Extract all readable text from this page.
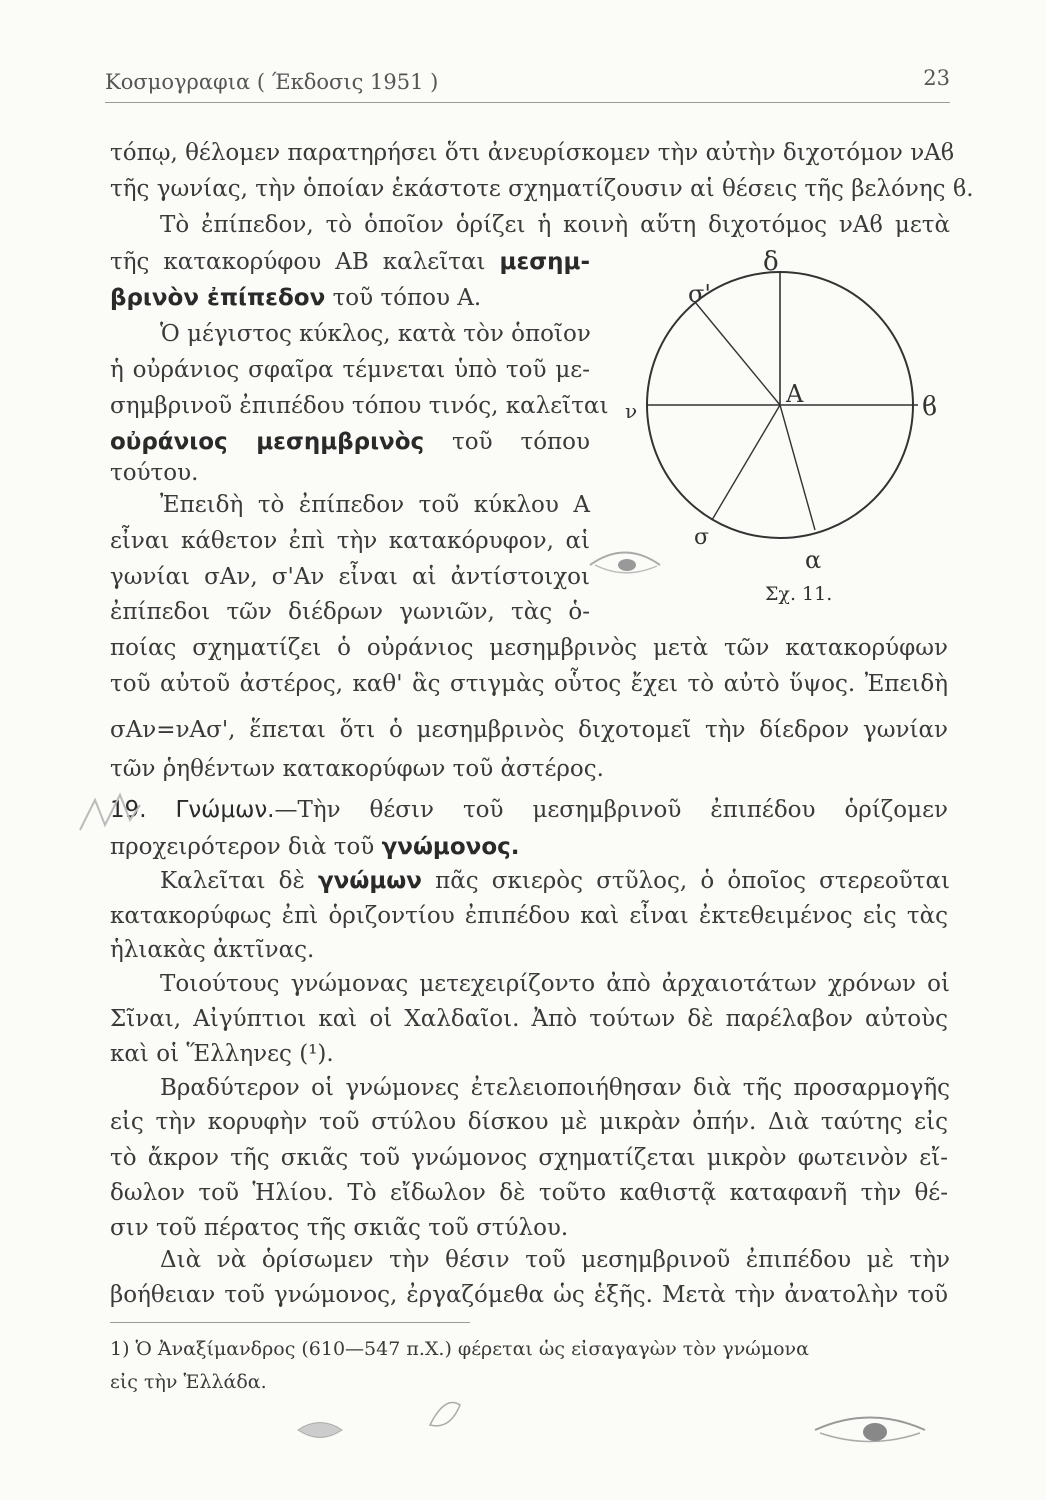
Κοσμογραφια ( Έκδοσις 1951 )	23
τόπῳ, θέλομεν παρατηρήσει ὅτι ἀνευρίσκομεν τὴν αὐτὴν διχοτόμον νΑϐ
τῆς γωνίας, τὴν ὁποίαν ἑκάστοτε σχηματίζουσιν αἱ θέσεις τῆς βελόνης ϐ.
Τὸ ἐπίπεδον, τὸ ὁποῖον ὁρίζει ἡ κοινὴ αὕτη διχοτόμος νΑϐ μετὰ
τῆς κατακορύφου ΑΒ καλεῖται μεσημ-
βρινὸν ἐπίπεδον τοῦ τόπου Α.
Ὁ μέγιστος κύκλος, κατὰ τὸν ὁποῖον
ἡ οὐράνιος σφαῖρα τέμνεται ὑπὸ τοῦ με-
σημβρινοῦ ἐπιπέδου τόπου τινός, καλεῖται
οὐράνιος μεσημβρινὸς τοῦ τόπου
τούτου.
Ἐπειδὴ τὸ ἐπίπεδον τοῦ κύκλου Α
εἶναι κάθετον ἐπὶ τὴν κατακόρυφον, αἱ
γωνίαι σΑν, σ'Αν εἶναι αἱ ἀντίστοιχοι
ἐπίπεδοι τῶν διέδρων γωνιῶν, τὰς ὁ-
ποίας σχηματίζει ὁ οὐράνιος μεσημβρινὸς μετὰ τῶν κατακορύφων
τοῦ αὐτοῦ ἀστέρος, καθ' ἃς στιγμὰς οὗτος ἔχει τὸ αὐτὸ ὕψος. Ἐπειδὴ
σΑν=νΑσ', ἕπεται ὅτι ὁ μεσημβρινὸς διχοτομεῖ τὴν δίεδρον γωνίαν
τῶν ῥηθέντων κατακορύφων τοῦ ἀστέρος.
19. Γνώμων.—Τὴν θέσιν τοῦ μεσημβρινοῦ ἐπιπέδου ὁρίζομεν
προχειρότερον διὰ τοῦ γνώμονος.
Καλεῖται δὲ γνώμων πᾶς σκιερὸς στῦλος, ὁ ὁποῖος στερεοῦται
κατακορύφως ἐπὶ ὁριζοντίου ἐπιπέδου καὶ εἶναι ἐκτεθειμένος εἰς τὰς
ἡλιακὰς ἀκτῖνας.
Τοιούτους γνώμονας μετεχειρίζοντο ἀπὸ ἀρχαιοτάτων χρόνων οἱ
Σῖναι, Αἰγύπτιοι καὶ οἱ Χαλδαῖοι. Ἀπὸ τούτων δὲ παρέλαβον αὐτοὺς
καὶ οἱ Ἕλληνες (¹).
Βραδύτερον οἱ γνώμονες ἐτελειοποιήθησαν διὰ τῆς προσαρμογῆς
εἰς τὴν κορυφὴν τοῦ στύλου δίσκου μὲ μικρὰν ὀπήν. Διὰ ταύτης εἰς
τὸ ἄκρον τῆς σκιᾶς τοῦ γνώμονος σχηματίζεται μικρὸν φωτεινὸν εἴ-
δωλον τοῦ Ἡλίου. Τὸ εἴδωλον δὲ τοῦτο καθιστᾷ καταφανῆ τὴν θέ-
σιν τοῦ πέρατος τῆς σκιᾶς τοῦ στύλου.
Διὰ νὰ ὁρίσωμεν τὴν θέσιν τοῦ μεσημβρινοῦ ἐπιπέδου μὲ τὴν
βοήθειαν τοῦ γνώμονος, ἐργαζόμεθα ὡς ἑξῆς. Μετὰ τὴν ἀνατολὴν τοῦ
δ
σ'
Α	ϐ
ν
σ
α
Σχ. 11.
1) Ὁ Ἀναξίμανδρος (610—547 π.Χ.) φέρεται ὡς εἰσαγαγὼν τὸν γνώμονα
εἰς τὴν Ἑλλάδα.
